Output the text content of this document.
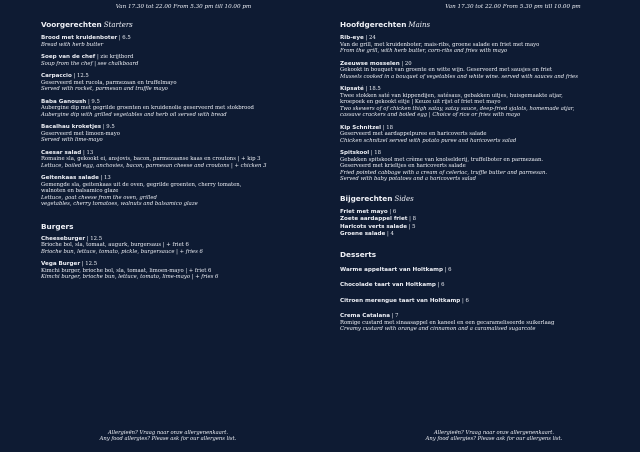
Van 17.30 tot 22.00 From 5.30 pm till 10.00 pm
Voorgerechten Starters
Brood met kruidenboter | 6.5
Bread with herb butter
Soep van de chef | zie krijtbord
Soup from the chef | see chalkboard
Carpaccio | 12.5
Geserveerd met rucola, parmezaan en truffelmayo
Served with rocket, parmesan and truffle mayo
Baba Ganoush | 9.5
Aubergine dip met gegrilde groenten en kruidenolie geserveerd met stokbrood
Aubergine dip with grilled vegetables and herb oil served with bread
Bacalhau kroketjes | 9.5
Geserveerd met limoen-mayo
Served with lime-mayo
Caesar salad | 13
Romaine sla, gekookt ei, ansjovis, bacon, parmezaanse kaas en croutons | + kip 3
Lettuce, boiled egg, anchovies, bacon, parmesan cheese and croutons | + chicken 3
Geitenkaas salade | 13
Gemengde sla, geitenkaas uit de oven, gegrilde groenten, cherry tomaten,
walnoten en balsamico glaze
Lettuce, goat cheese from the oven, grilled
vegetables, cherry tomatoes, walnuts and balsamico glaze
Burgers
Cheeseburger | 12.5
Brioche bol, sla, tomaat, augurk, burgersaus | + friet 6
Brioche bun, lettuce, tomato, pickle, burgersauce | + fries 6
Vega Burger | 12.5
Kimchi burger, brioche bol, sla, tomaat, limoen-mayo | + friet 6
Kimchi burger, brioche bun, lettuce, tomato, lime-mayo | + fries 6
Allergieën? Vraag naar onze allergenenkaart.
Any food allergies? Please ask for our allergens list.
Van 17.30 tot 22.00 From 5.30 pm till 10.00 pm
Hoofdgerechten Mains
Rib-eye | 24
Van de grill, met kruidenboter, mais-ribs, groene salade en friet met mayo
From the grill, with herb butter, corn-ribs and fries with mayo
Zeeuwse mosselen | 20
Gekookt in bouquet van groente en witte wijn. Geserveerd met sausjes en friet
Mussels cooked in a bouquet of vegetables and white wine. served with sauces and fries
Kipsaté | 18.5
Twee stokken saté van kippendijen, satésaus, gebakken uitjes, huisgemaakte atjar,
kroepoek en gekookt eitje | Keuze uit rijst of friet met mayo
Two skewers of of chicken thigh satay, satay sauce, deep-fried sjalots, homemade atjar,
cassave crackers and boiled egg | Choice of rice or fries with mayo
Kip Schnitzel | 18
Geserveerd met aardappelpuree en haricoverts salade
Chicken schnitzel served with potato puree and haricoverts salad
Spitskool | 18
Gebakken spitskool met crème van knolselderij, truffelboter en parmezaan.
Geserveerd met krieltjes en haricoverts salade
Fried pointed cabbage with a cream of celeriac, truffle butter and parmesan.
Served with baby potatoes and a haricoverts salad
Bijgerechten Sides
Friet met mayo | 6
Zoete aardappel friet | 8
Haricots verts salade | 5
Groene salade | 4
Desserts
Warme appeltaart van Holtkamp | 6
Chocolade taart van Holtkamp | 6
Citroen merengue taart van Holtkamp | 6
Crema Catalana | 7
Romige custard met sinaasappel en kaneel en een gecarameliseerde suikerlaag
Creamy custard with orange and cinnamon and a caramalised sugarcote
Allergieën? Vraag naar onze allergenenkaart.
Any food allergies? Please ask for our allergens list.
